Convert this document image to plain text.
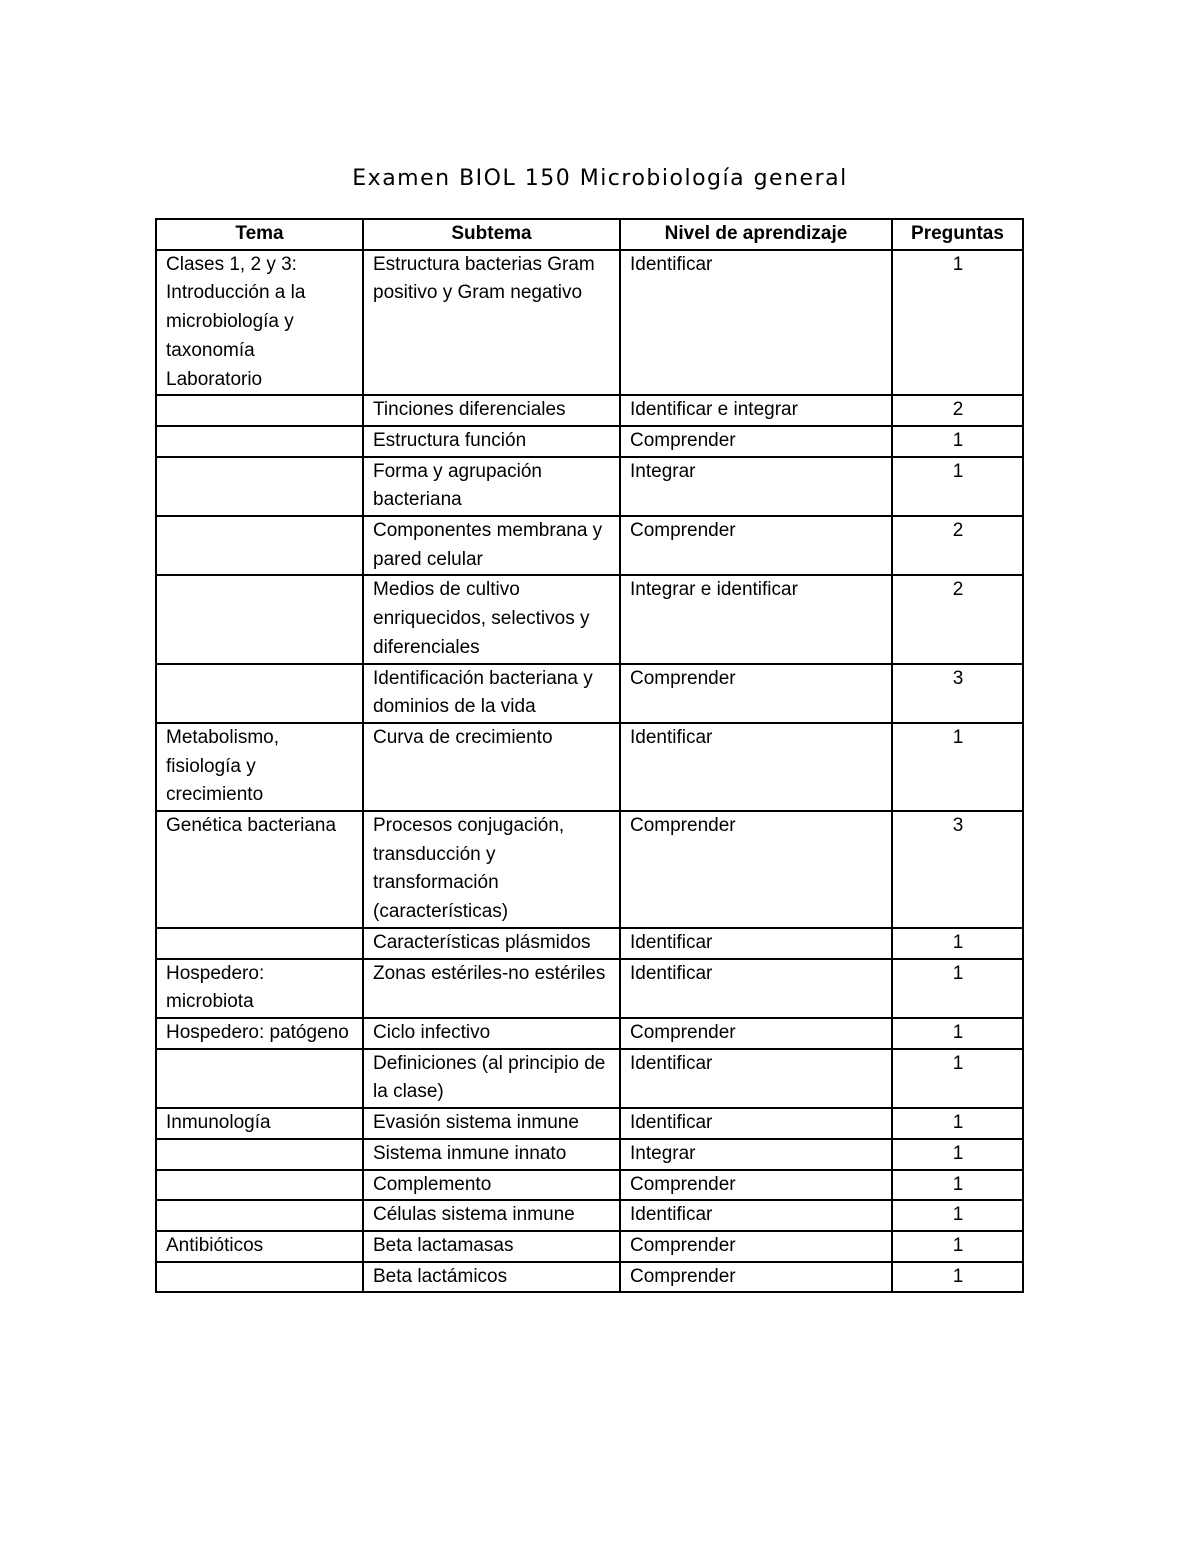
Examen BIOL 150 Microbiología general
Tema	Subtema	Nivel de aprendizaje	Preguntas
Clases 1, 2 y 3: Introducción a la microbiología y taxonomía Laboratorio	Estructura bacterias Gram positivo y Gram negativo	Identificar	1
	Tinciones diferenciales	Identificar e integrar	2
	Estructura función	Comprender	1
	Forma y agrupación bacteriana	Integrar	1
	Componentes membrana y pared celular	Comprender	2
	Medios de cultivo enriquecidos, selectivos y diferenciales	Integrar e identificar	2
	Identificación bacteriana y dominios de la vida	Comprender	3
Metabolismo, fisiología y crecimiento	Curva de crecimiento	Identificar	1
Genética bacteriana	Procesos conjugación, transducción y transformación (características)	Comprender	3
	Características plásmidos	Identificar	1
Hospedero: microbiota	Zonas estériles-no estériles	Identificar	1
Hospedero: patógeno	Ciclo infectivo	Comprender	1
	Definiciones (al principio de la clase)	Identificar	1
Inmunología	Evasión sistema inmune	Identificar	1
	Sistema inmune innato	Integrar	1
	Complemento	Comprender	1
	Células sistema inmune	Identificar	1
Antibióticos	Beta lactamasas	Comprender	1
	Beta lactámicos	Comprender	1
